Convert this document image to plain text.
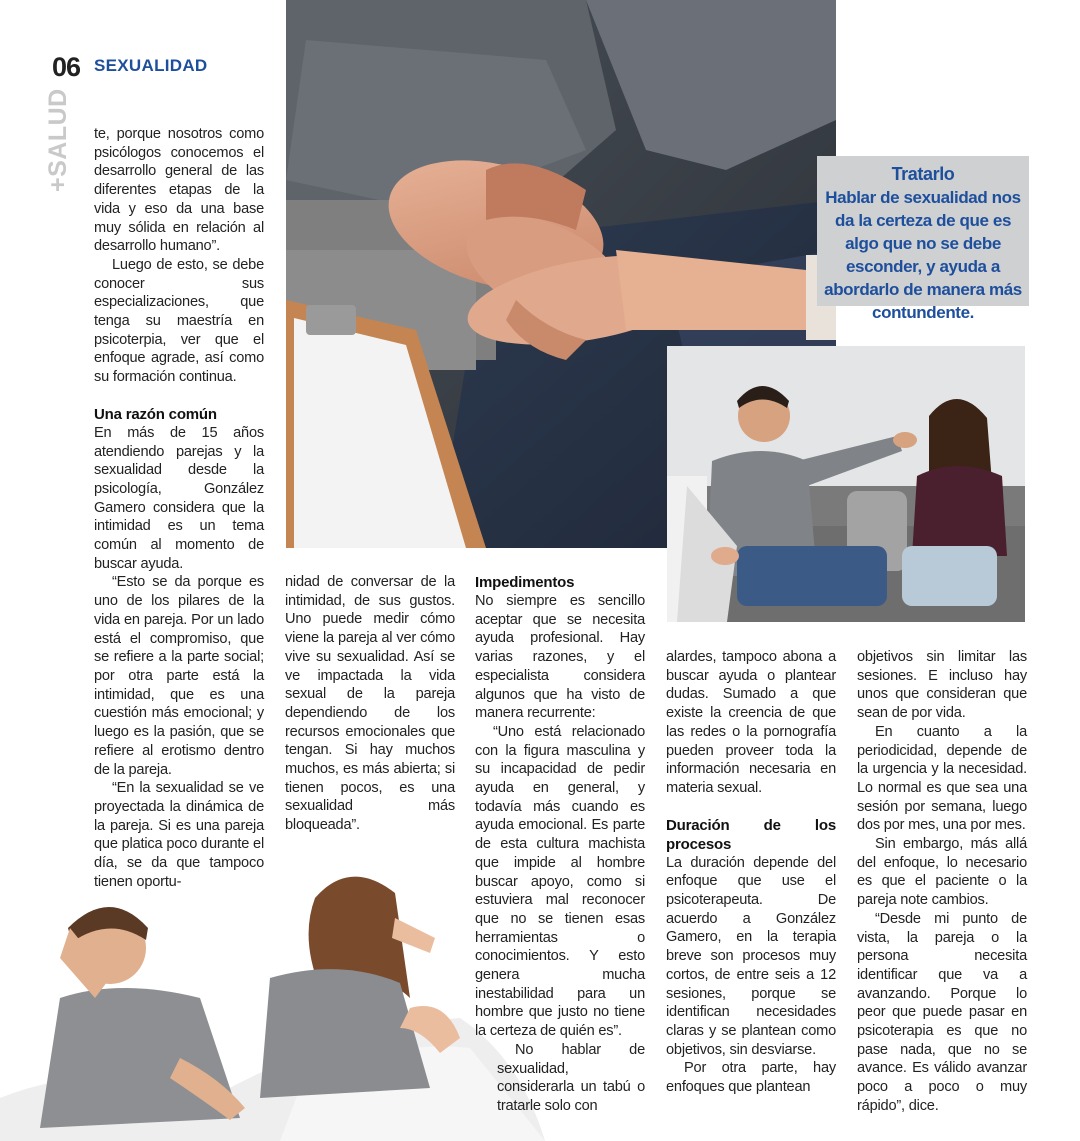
06 SEXUALIDAD
+SALUD	Tratarlo
Hablar de sexualidad nos da la certeza de que es algo que no se debe esconder, y ayuda a abordarlo de manera más contundente.

te, porque nosotros como psicólogos conocemos el desarrollo general de las diferentes etapas de la vida y eso da una base muy sólida en relación al desarrollo humano”.

Luego de esto, se debe conocer sus especializaciones, que tenga su maestría en psicoterpia, ver que el enfoque agrade, así como su formación continua.

Una razón común

En más de 15 años atendiendo parejas y la sexualidad desde la psicología, González Gamero considera que la intimidad es un tema común al momento de buscar ayuda.

“Esto se da porque es uno de los pilares de la vida en pareja. Por un lado está el compromiso, que se refiere a la parte social; por otra parte está la intimidad, que es una cuestión más emocional; y luego es la pasión, que se refiere al erotismo dentro de la pareja.

“En la sexualidad se ve proyectada la dinámica de la pareja. Si es una pareja que platica poco durante el día, se da que tampoco tienen oportu-

nidad de conversar de la intimidad, de sus gustos. Uno puede medir cómo viene la pareja al ver cómo vive su sexualidad. Así se ve impactada la vida sexual de la pareja dependiendo de los recursos emocionales que tengan. Si hay muchos muchos, es más abierta; si tienen pocos, es una sexualidad más bloqueada”.

Impedimentos

No siempre es sencillo aceptar que se necesita ayuda profesional. Hay varias razones, y el especialista considera algunos que ha visto de manera recurrente:

“Uno está relacionado con la figura masculina y su incapacidad de pedir ayuda en general, y todavía más cuando es ayuda emocional. Es parte de esta cultura machista que impide al hombre buscar apoyo, como si estuviera mal reconocer que no se tienen esas herramientas o conocimientos. Y esto genera mucha inestabilidad para un hombre que justo no tiene la certeza de quién es”.

No hablar de sexualidad, considerarla un tabú o tratarle solo con

alardes, tampoco abona a buscar ayuda o plantear dudas. Sumado a que existe la creencia de que las redes o la pornografía pueden proveer toda la información necesaria en materia sexual.

Duración de los procesos

La duración depende del enfoque que use el psicoterapeuta. De acuerdo a González Gamero, en la terapia breve son procesos muy cortos, de entre seis a 12 sesiones, porque se identifican necesidades claras y se plantean como objetivos, sin desviarse.

Por otra parte, hay enfoques que plantean

objetivos sin limitar las sesiones. E incluso hay unos que consideran que sean de por vida.

En cuanto a la periodicidad, depende de la urgencia y la necesidad. Lo normal es que sea una sesión por semana, luego dos por mes, una por mes.

Sin embargo, más allá del enfoque, lo necesario es que el paciente o la pareja note cambios.

“Desde mi punto de vista, la pareja o la persona necesita identificar que va a avanzando. Porque lo peor que puede pasar en psicoterapia es que no pase nada, que no se avance. Es válido avanzar poco a poco o muy rápido”, dice.
